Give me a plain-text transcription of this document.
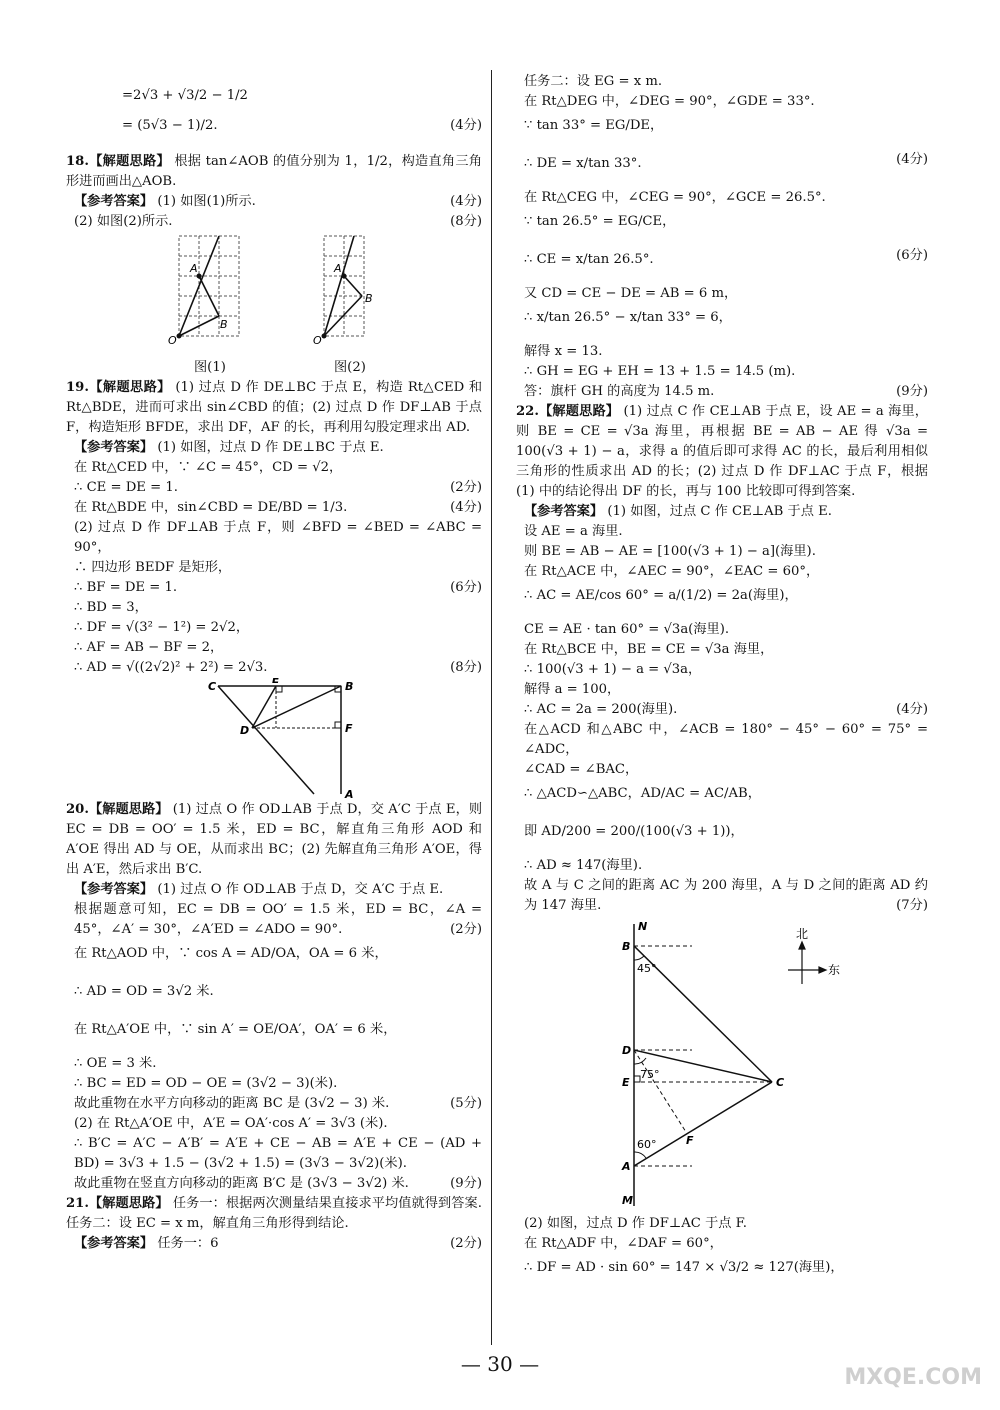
=2√3 + √3/2 − 1/2
= (5√3 − 1)/2.	(4分)
18.【解题思路】 根据 tan∠AOB 的值分别为 1，1/2，构造直角三角形进而画出△AOB.
【参考答案】 (1) 如图(1)所示.	(4分)
(2) 如图(2)所示.	(8分)
A
B
O
A
B
O
图(1)	图(2)
19.【解题思路】 (1) 过点 D 作 DE⊥BC 于点 E，构造 Rt△CED 和 Rt△BDE，进而可求出 sin∠CBD 的值；(2) 过点 D 作 DF⊥AB 于点 F，构造矩形 BFDE，求出 DF，AF 的长，再利用勾股定理求出 AD.
【参考答案】 (1) 如图，过点 D 作 DE⊥BC 于点 E.
在 Rt△CED 中，∵ ∠C = 45°，CD = √2，
∴ CE = DE = 1.	(2分)
在 Rt△BDE 中，sin∠CBD = DE/BD = 1/3.	(4分)
(2) 过点 D 作 DF⊥AB 于点 F，则 ∠BFD = ∠BED = ∠ABC = 90°，
∴ 四边形 BEDF 是矩形，
∴ BF = DE = 1.	(6分)
∴ BD = 3，
∴ DF = √(3² − 1²) = 2√2，
∴ AF = AB − BF = 2，
∴ AD = √((2√2)² + 2²) = 2√3.	(8分)
C
E
B
D	F
A
20.【解题思路】 (1) 过点 O 作 OD⊥AB 于点 D，交 A′C 于点 E，则 EC = DB = OO′ = 1.5 米，ED = BC，解直角三角形 AOD 和 A′OE 得出 AD 与 OE，从而求出 BC；(2) 先解直角三角形 A′OE，得出 A′E，然后求出 B′C.
【参考答案】 (1) 过点 O 作 OD⊥AB 于点 D，交 A′C 于点 E.
根据题意可知，EC = DB = OO′ = 1.5 米，ED = BC，∠A = 45°，∠A′ = 30°，∠A′ED = ∠ADO = 90°.	(2分)
在 Rt△AOD 中，∵ cos A = AD/OA，OA = 6 米，
∴ AD = OD = 3√2 米.
在 Rt△A′OE 中，∵ sin A′ = OE/OA′，OA′ = 6 米，
∴ OE = 3 米.
∴ BC = ED = OD − OE = (3√2 − 3)(米).
故此重物在水平方向移动的距离 BC 是 (3√2 − 3) 米.	(5分)
(2) 在 Rt△A′OE 中，A′E = OA′·cos A′ = 3√3 (米).
∴ B′C = A′C − A′B′ = A′E + CE − AB = A′E + CE − (AD + BD) = 3√3 + 1.5 − (3√2 + 1.5) = (3√3 − 3√2)(米).
故此重物在竖直方向移动的距离 B′C 是 (3√3 − 3√2) 米.	(9分)
21.【解题思路】 任务一：根据两次测量结果直接求平均值就得到答案. 任务二：设 EC = x m，解直角三角形得到结论.
【参考答案】 任务一：6	(2分)
任务二：设 EG = x m.
在 Rt△DEG 中，∠DEG = 90°，∠GDE = 33°.
∵ tan 33° = EG/DE，
∴ DE = x/tan 33°.	(4分)
在 Rt△CEG 中，∠CEG = 90°，∠GCE = 26.5°.
∵ tan 26.5° = EG/CE，
∴ CE = x/tan 26.5°.	(6分)
又 CD = CE − DE = AB = 6 m，
∴ x/tan 26.5° − x/tan 33° = 6，
解得 x = 13.
∴ GH = EG + EH = 13 + 1.5 = 14.5 (m).
答：旗杆 GH 的高度为 14.5 m.	(9分)
22.【解题思路】 (1) 过点 C 作 CE⊥AB 于点 E，设 AE = a 海里，则 BE = CE = √3a 海里，再根据 BE = AB − AE 得 √3a = 100(√3 + 1) − a，求得 a 的值后即可求得 AC 的长，最后利用相似三角形的性质求出 AD 的长；(2) 过点 D 作 DF⊥AC 于点 F，根据 (1) 中的结论得出 DF 的长，再与 100 比较即可得到答案.
【参考答案】 (1) 如图，过点 C 作 CE⊥AB 于点 E.
设 AE = a 海里.
则 BE = AB − AE = [100(√3 + 1) − a](海里).
在 Rt△ACE 中，∠AEC = 90°，∠EAC = 60°，
∴ AC = AE/cos 60° = a/(1/2) = 2a(海里)，
CE = AE · tan 60° = √3a(海里).
在 Rt△BCE 中，BE = CE = √3a 海里，
∴ 100(√3 + 1) − a = √3a，
解得 a = 100，
∴ AC = 2a = 200(海里).	(4分)
在△ACD 和△ABC 中，∠ACB = 180° − 45° − 60° = 75° = ∠ADC，
∠CAD = ∠BAC，
∴ △ACD∽△ABC，AD/AC = AC/AB，
即 AD/200 = 200/(100(√3 + 1))，
∴ AD ≈ 147(海里).
故 A 与 C 之间的距离 AC 为 200 海里，A 与 D 之间的距离 AD 约为 147 海里.	(7分)
N
B
45°
D
75°
E	C
F
60°
A
M
北
东
(2) 如图，过点 D 作 DF⊥AC 于点 F.
在 Rt△ADF 中，∠DAF = 60°，
∴ DF = AD · sin 60° = 147 × √3/2 ≈ 127(海里)，
— 30 —
MXQE.COM
